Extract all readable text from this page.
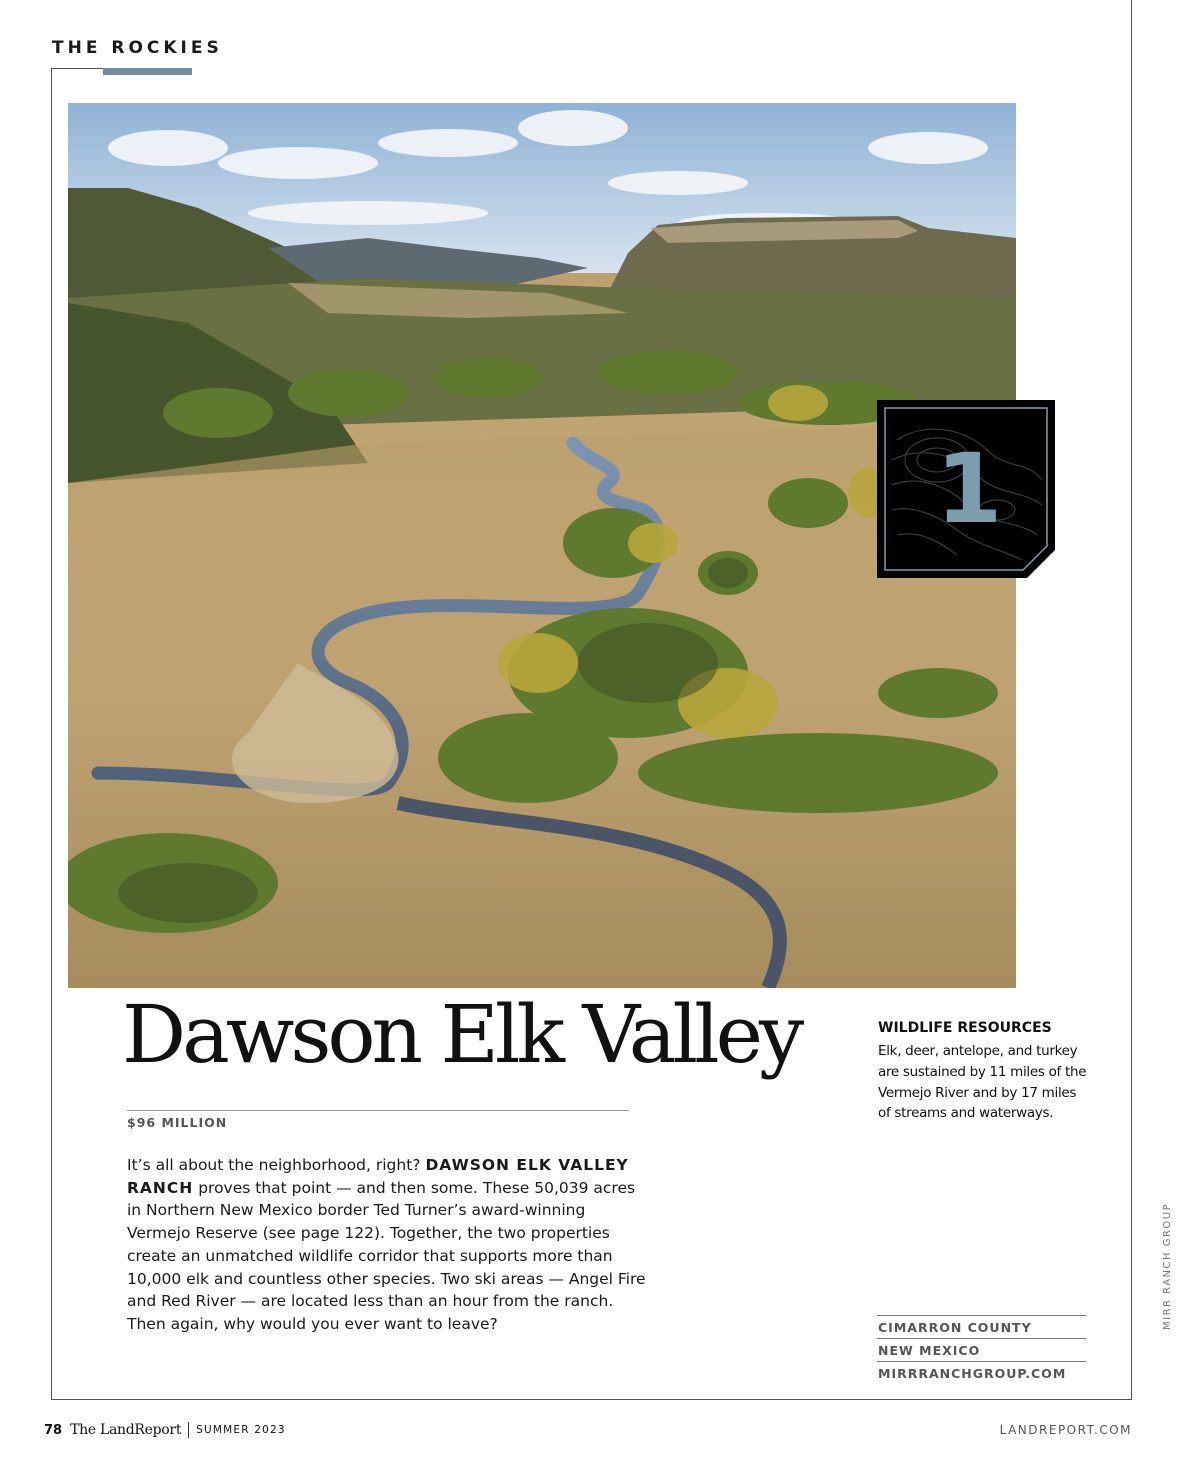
THE ROCKIES
1
Dawson Elk Valley
$96 MILLION
It’s all about the neighborhood, right? DAWSON ELK VALLEY RANCH proves that point — and then some. These 50,039 acres in Northern New Mexico border Ted Turner’s award-winning Vermejo Reserve (see page 122). Together, the two properties create an unmatched wildlife corridor that supports more than 10,000 elk and countless other species. Two ski areas — Angel Fire and Red River — are located less than an hour from the ranch. Then again, why would you ever want to leave?
WILDLIFE RESOURCES
Elk, deer, antelope, and turkey are sustained by 11 miles of the Vermejo River and by 17 miles of streams and waterways.
CIMARRON COUNTY
NEW MEXICO
MIRRRANCHGROUP.COM
MIRR RANCH GROUP
78 The LandReport SUMMER 2023	LANDREPORT.COM
